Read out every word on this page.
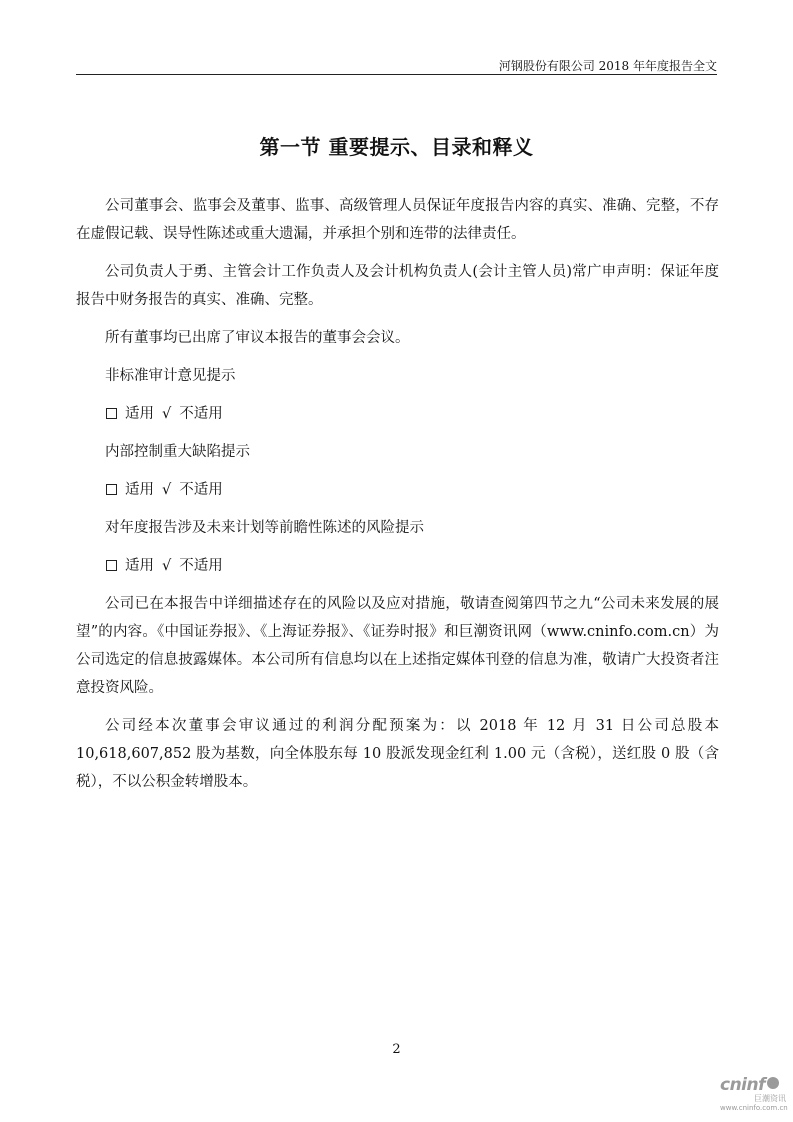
河钢股份有限公司 2018 年年度报告全文
第一节 重要提示、目录和释义

公司董事会、监事会及董事、监事、高级管理人员保证年度报告内容的真实、准确、完整，不存在虚假记载、误导性陈述或重大遗漏，并承担个别和连带的法律责任。

公司负责人于勇、主管会计工作负责人及会计机构负责人(会计主管人员)常广申声明：保证年度报告中财务报告的真实、准确、完整。

所有董事均已出席了审议本报告的董事会会议。

非标准审计意见提示

适用 √ 不适用

内部控制重大缺陷提示

适用 √ 不适用

对年度报告涉及未来计划等前瞻性陈述的风险提示

适用 √ 不适用

公司已在本报告中详细描述存在的风险以及应对措施，敬请查阅第四节之九“公司未来发展的展望”的内容。《中国证券报》、《上海证券报》、《证券时报》和巨潮资讯网（www.cninfo.com.cn）为公司选定的信息披露媒体。本公司所有信息均以在上述指定媒体刊登的信息为准，敬请广大投资者注意投资风险。

公司经本次董事会审议通过的利润分配预案为：以 2018 年 12 月 31 日公司总股本 10,618,607,852 股为基数，向全体股东每 10 股派发现金红利 1.00 元（含税），送红股 0 股（含税），不以公积金转增股本。

2
cninf
巨潮资讯
www.cninfo.com.cn
